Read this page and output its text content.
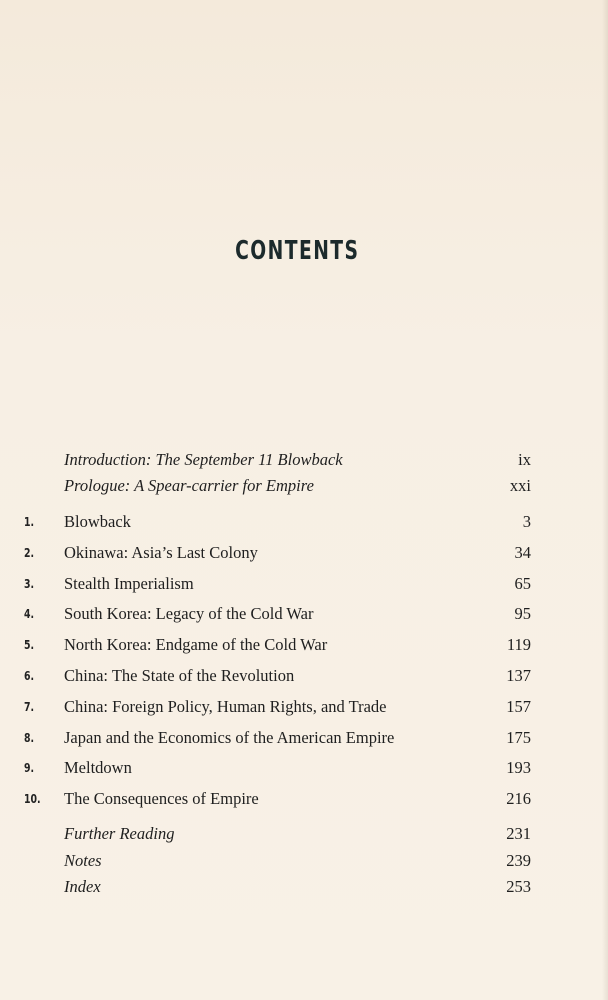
CONTENTS
Introduction: The September 11 Blowback	ix
Prologue: A Spear-carrier for Empire	xxi
1.	Blowback	3
2.	Okinawa: Asia’s Last Colony	34
3.	Stealth Imperialism	65
4.	South Korea: Legacy of the Cold War	95
5.	North Korea: Endgame of the Cold War	119
6.	China: The State of the Revolution	137
7.	China: Foreign Policy, Human Rights, and Trade	157
8.	Japan and the Economics of the American Empire	175
9.	Meltdown	193
10.	The Consequences of Empire	216
Further Reading	231
Notes	239
Index	253
